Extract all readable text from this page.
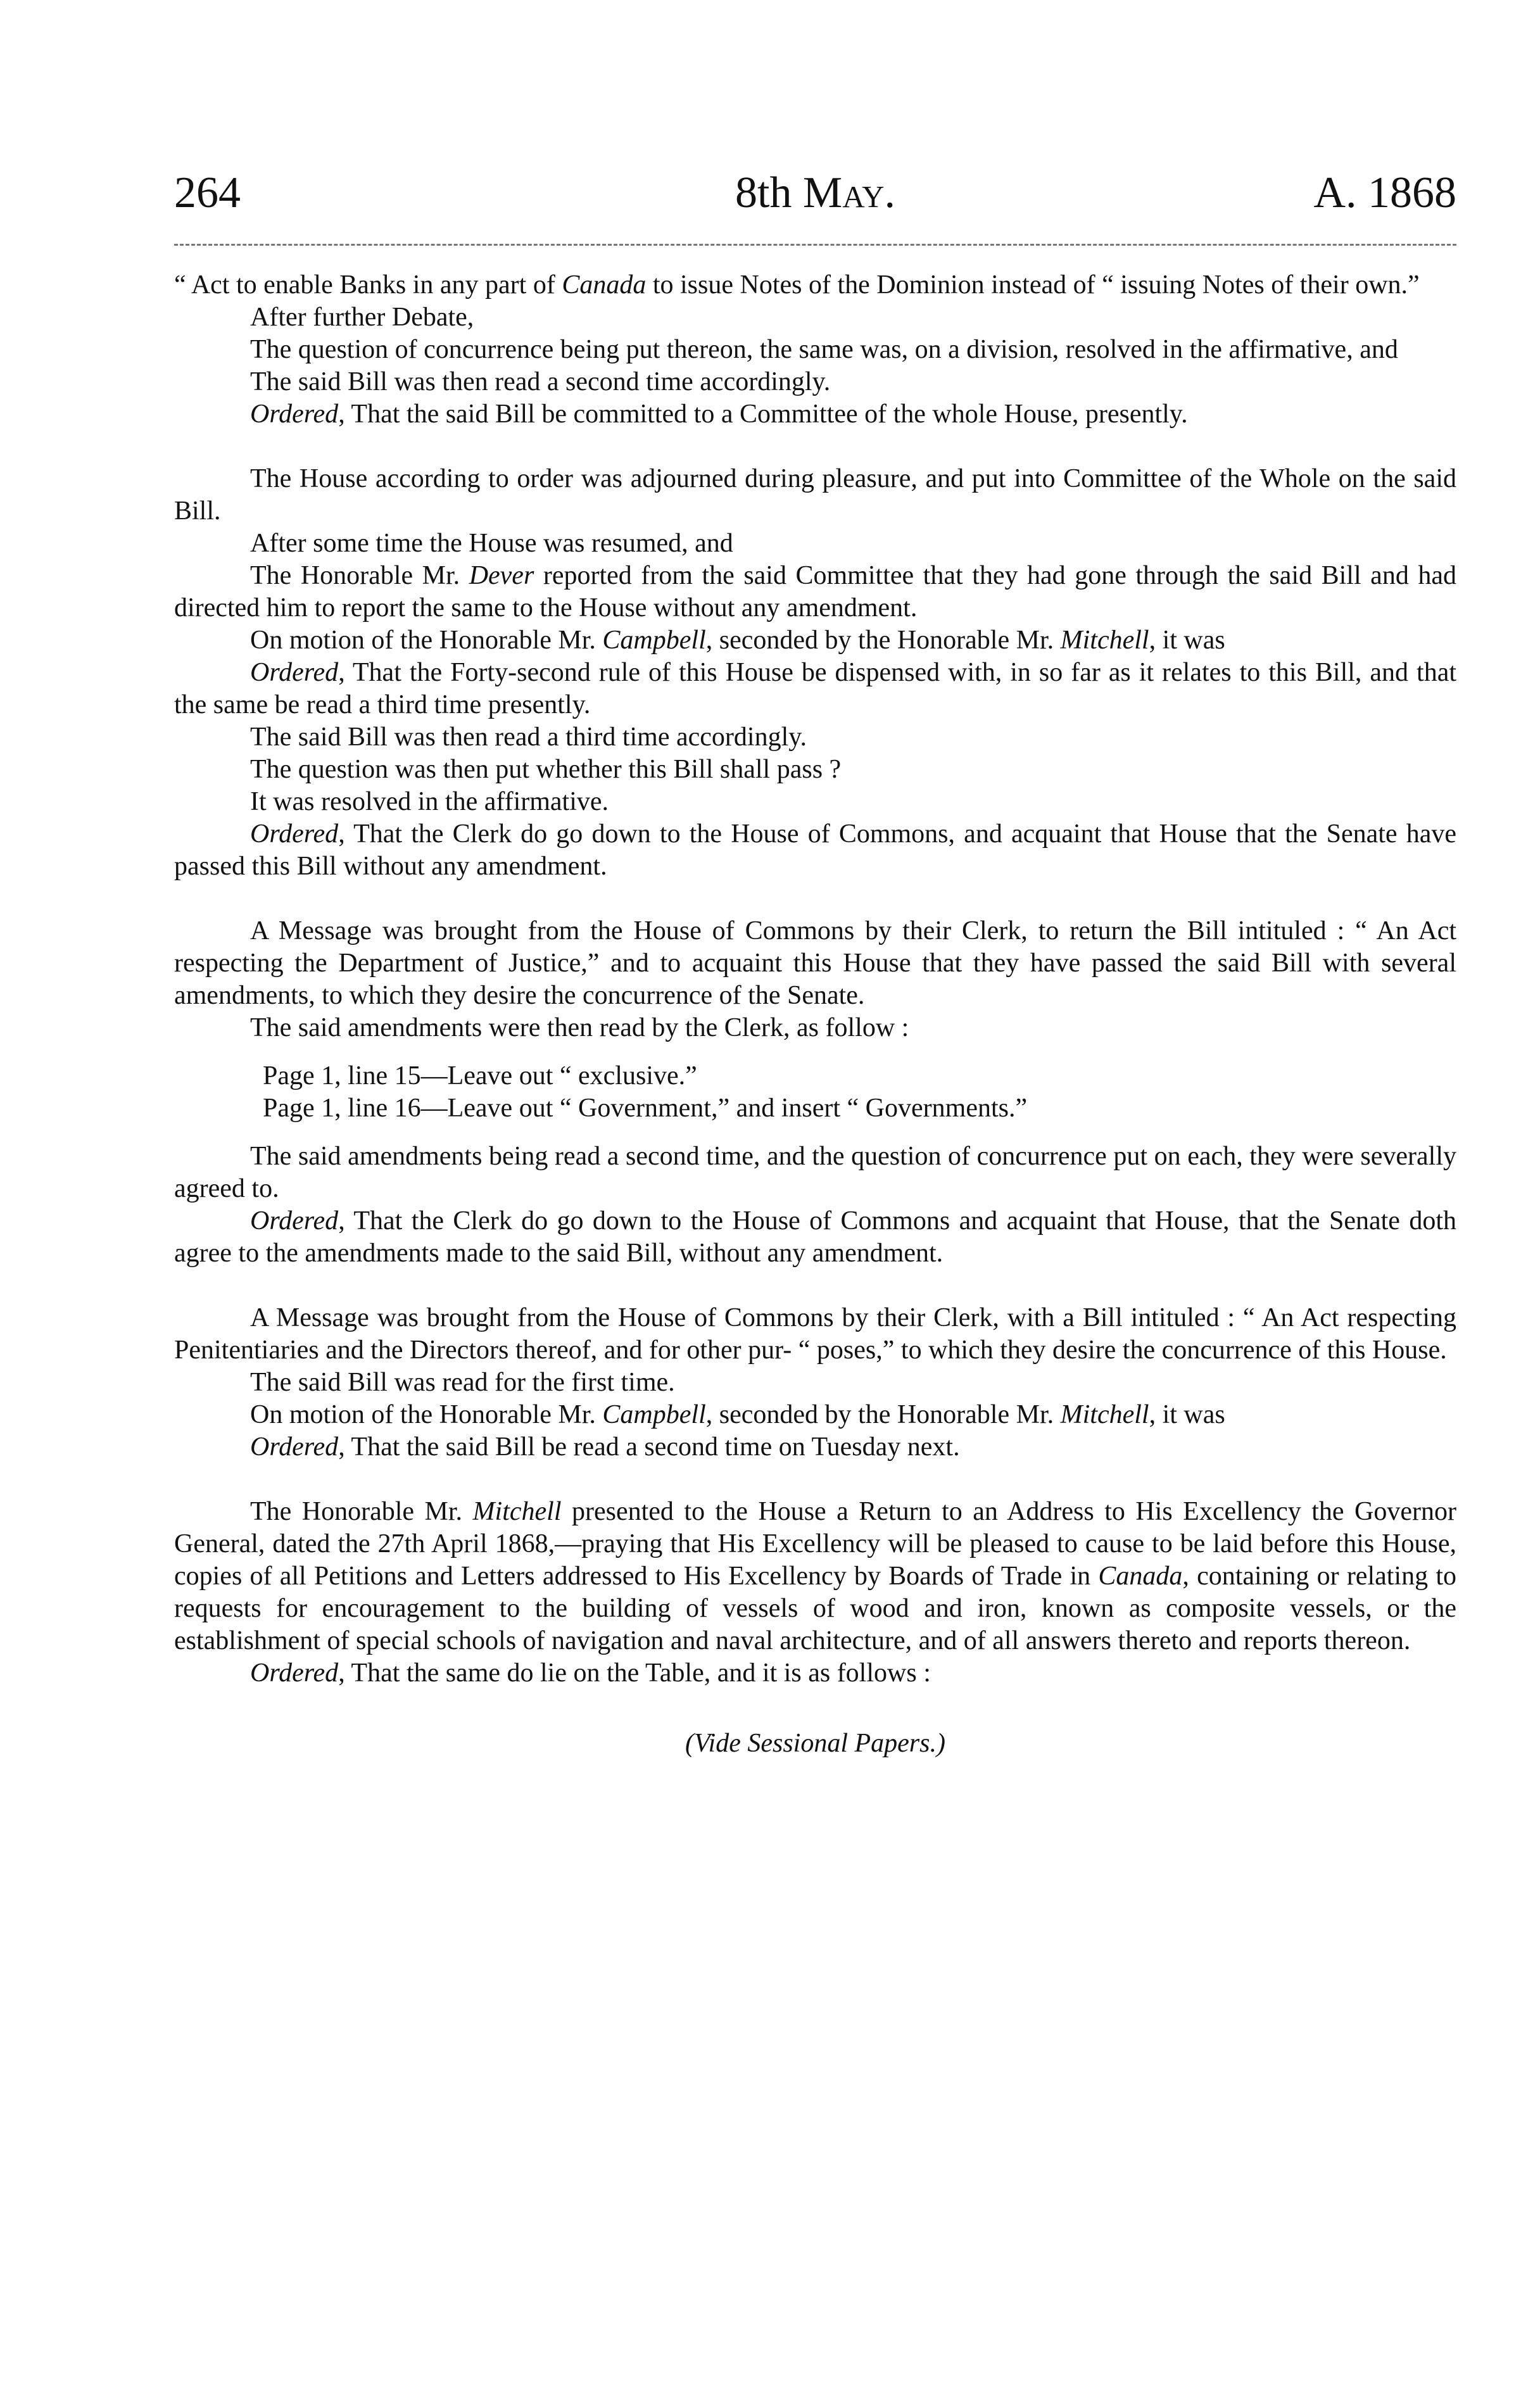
264	8th May.	A. 1868

“ Act to enable Banks in any part of Canada to issue Notes of the Dominion instead of “ issuing Notes of their own.”

After further Debate,

The question of concurrence being put thereon, the same was, on a division, resolved in the affirmative, and

The said Bill was then read a second time accordingly.

Ordered, That the said Bill be committed to a Committee of the whole House, presently.

The House according to order was adjourned during pleasure, and put into Committee of the Whole on the said Bill.

After some time the House was resumed, and

The Honorable Mr. Dever reported from the said Committee that they had gone through the said Bill and had directed him to report the same to the House without any amendment.

On motion of the Honorable Mr. Campbell, seconded by the Honorable Mr. Mitchell, it was

Ordered, That the Forty-second rule of this House be dispensed with, in so far as it relates to this Bill, and that the same be read a third time presently.

The said Bill was then read a third time accordingly.

The question was then put whether this Bill shall pass ?

It was resolved in the affirmative.

Ordered, That the Clerk do go down to the House of Commons, and acquaint that House that the Senate have passed this Bill without any amendment.

A Message was brought from the House of Commons by their Clerk, to return the Bill intituled : “ An Act respecting the Department of Justice,” and to acquaint this House that they have passed the said Bill with several amendments, to which they desire the concurrence of the Senate.

The said amendments were then read by the Clerk, as follow :

Page 1, line 15—Leave out “ exclusive.”

Page 1, line 16—Leave out “ Government,” and insert “ Governments.”

The said amendments being read a second time, and the question of concurrence put on each, they were severally agreed to.

Ordered, That the Clerk do go down to the House of Commons and acquaint that House, that the Senate doth agree to the amendments made to the said Bill, without any amendment.

A Message was brought from the House of Commons by their Clerk, with a Bill intituled : “ An Act respecting Penitentiaries and the Directors thereof, and for other pur- “ poses,” to which they desire the concurrence of this House.

The said Bill was read for the first time.

On motion of the Honorable Mr. Campbell, seconded by the Honorable Mr. Mitchell, it was

Ordered, That the said Bill be read a second time on Tuesday next.

The Honorable Mr. Mitchell presented to the House a Return to an Address to His Excellency the Governor General, dated the 27th April 1868,—praying that His Excellency will be pleased to cause to be laid before this House, copies of all Petitions and Letters addressed to His Excellency by Boards of Trade in Canada, containing or relating to requests for encouragement to the building of vessels of wood and iron, known as composite vessels, or the establishment of special schools of navigation and naval architecture, and of all answers thereto and reports thereon.

Ordered, That the same do lie on the Table, and it is as follows :

(Vide Sessional Papers.)
